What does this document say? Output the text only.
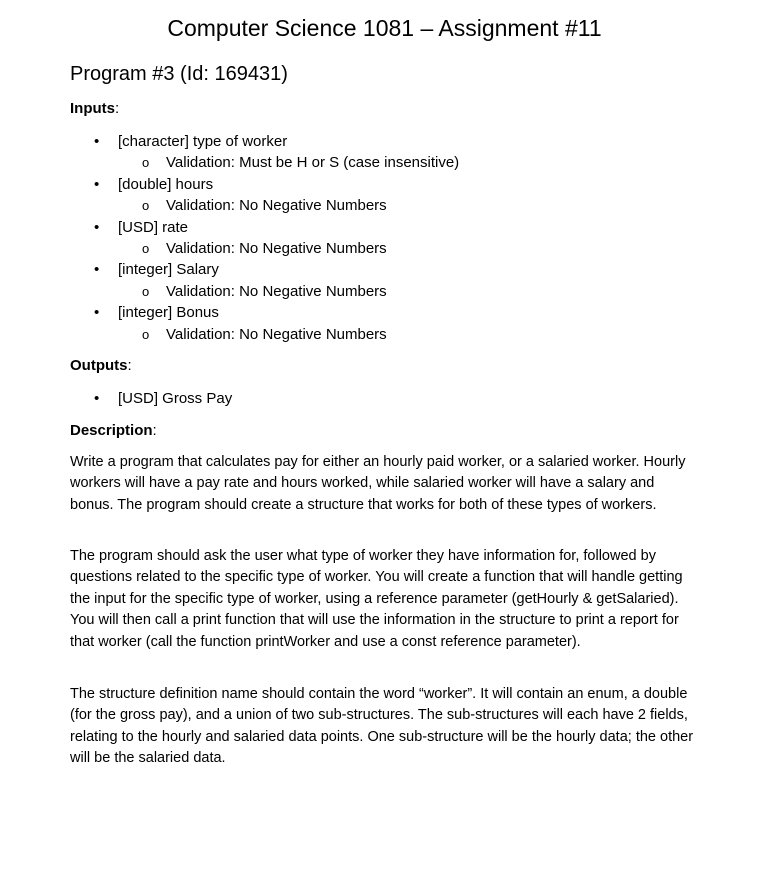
Computer Science 1081 – Assignment #11
Program #3 (Id: 169431)
Inputs:
• [character] type of worker
o Validation: Must be H or S (case insensitive)
• [double] hours
o Validation: No Negative Numbers
• [USD] rate
o Validation: No Negative Numbers
• [integer] Salary
o Validation: No Negative Numbers
• [integer] Bonus
o Validation: No Negative Numbers
Outputs:
• [USD] Gross Pay
Description:

Write a program that calculates pay for either an hourly paid worker, or a salaried worker. Hourly workers will have a pay rate and hours worked, while salaried worker will have a salary and bonus. The program should create a structure that works for both of these types of workers.

The program should ask the user what type of worker they have information for, followed by questions related to the specific type of worker. You will create a function that will handle getting the input for the specific type of worker, using a reference parameter (getHourly & getSalaried). You will then call a print function that will use the information in the structure to print a report for that worker (call the function printWorker and use a const reference parameter).

The structure definition name should contain the word “worker”. It will contain an enum, a double (for the gross pay), and a union of two sub-structures. The sub-structures will each have 2 fields, relating to the hourly and salaried data points. One sub-structure will be the hourly data; the other will be the salaried data.
